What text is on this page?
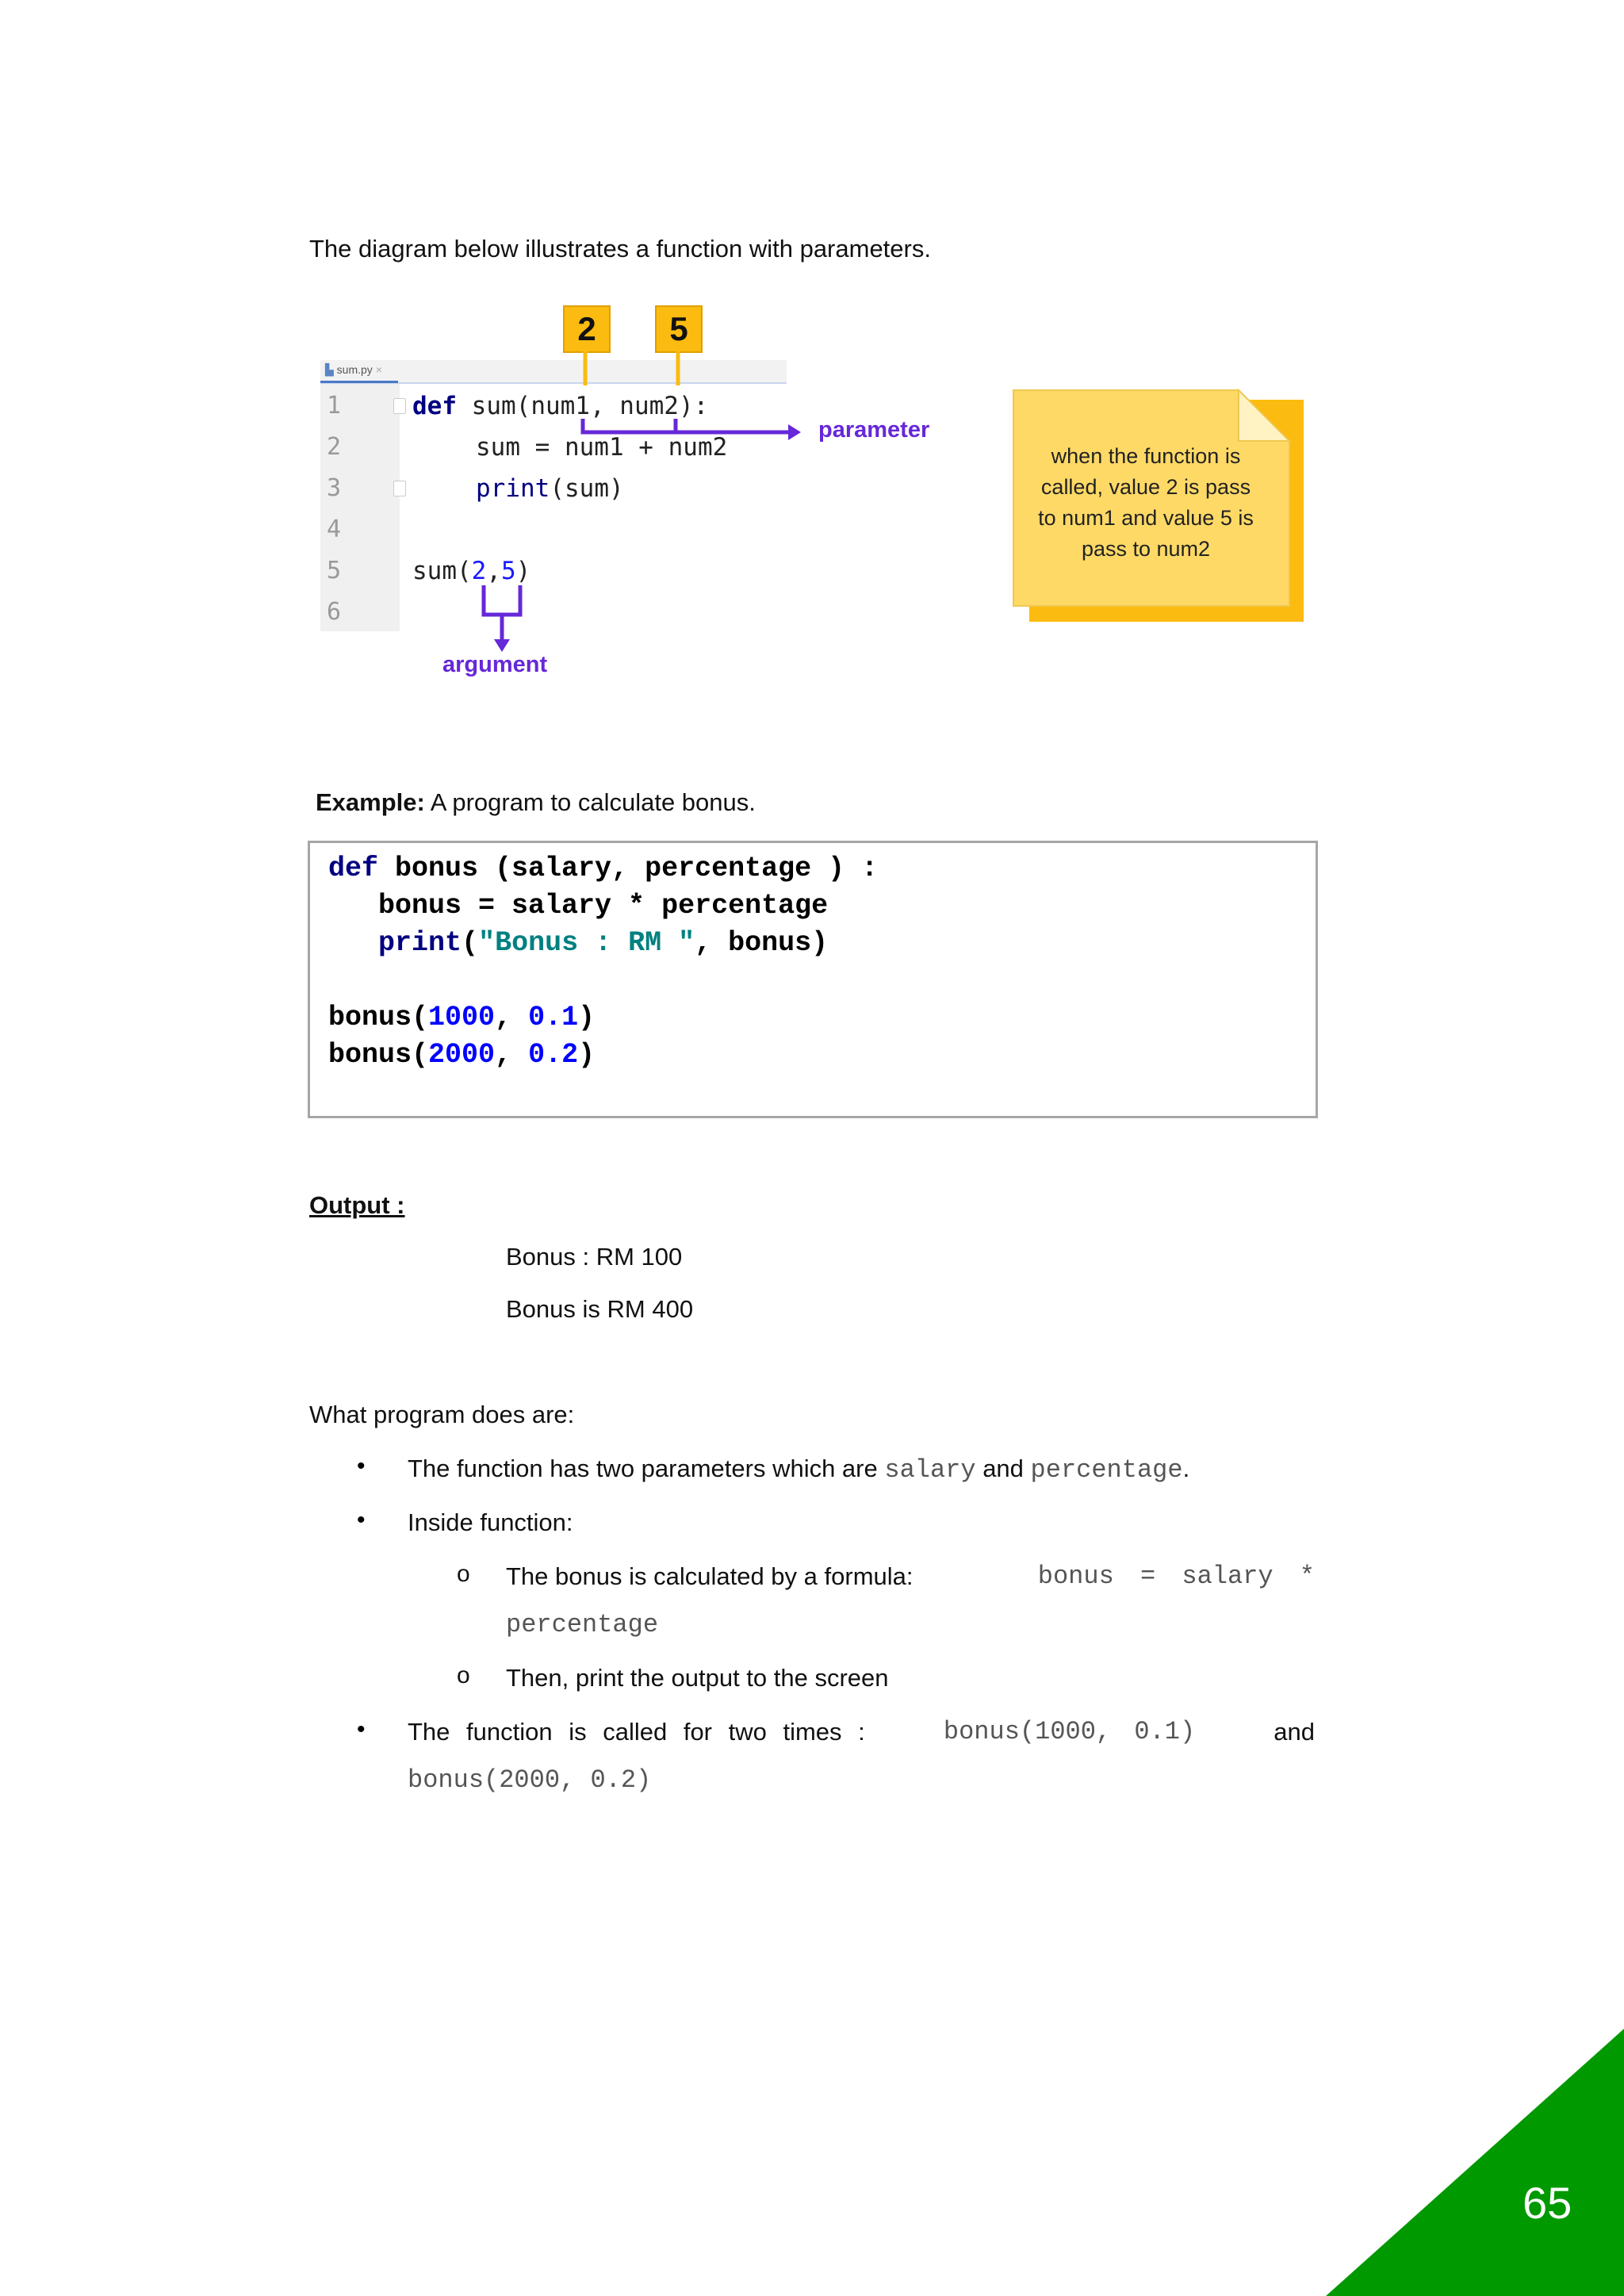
The diagram below illustrates a function with parameters.
▙ sum.py ×
1
2
3
4
5
6
def sum(num1, num2):
sum = num1 + num2
print(sum)
sum(2,5)
2	5
parameter
argument
when the function is
called, value 2 is pass
to num1 and value 5 is
pass to num2
Example: A program to calculate bonus.
def bonus (salary, percentage ) :
bonus = salary * percentage
print("Bonus : RM ", bonus)
bonus(1000, 0.1)
bonus(2000, 0.2)
Output :
Bonus : RM 100
Bonus is RM 400
What program does are:
• The function has two parameters which are salary and percentage.
• Inside function:
o The bonus is calculated by a formula:	bonus = salary *
percentage
o Then, print the output to the screen
• The function is called for two times :	bonus(1000, 0.1)	and
bonus(2000, 0.2)
65
